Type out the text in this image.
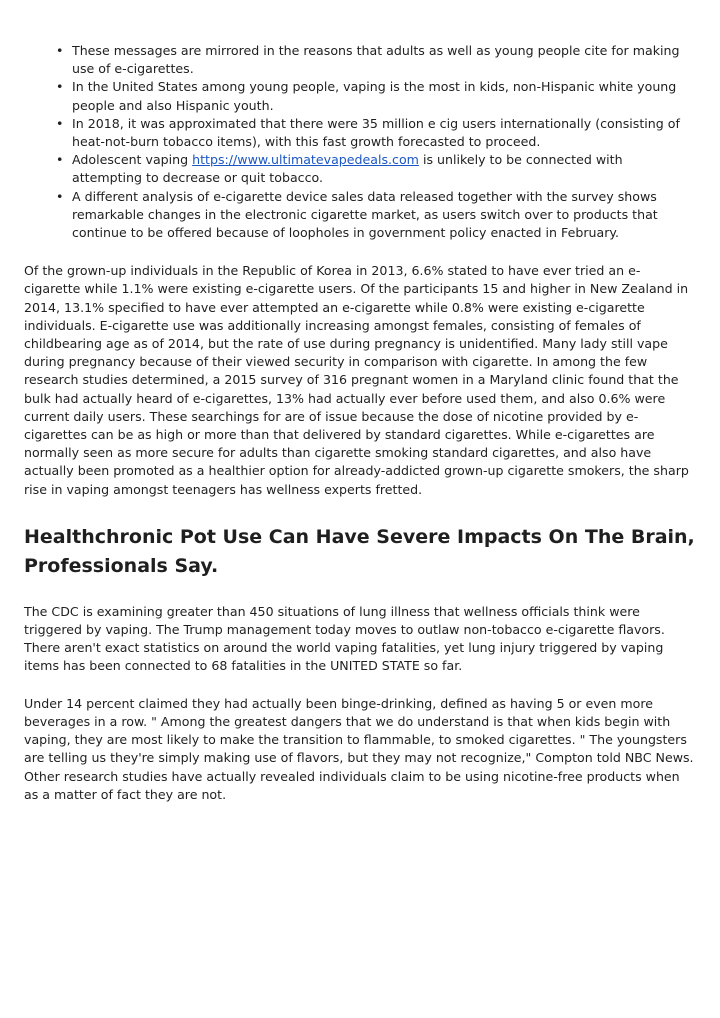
• These messages are mirrored in the reasons that adults as well as young people cite for making use of e-cigarettes.
• In the United States among young people, vaping is the most in kids, non-Hispanic white young people and also Hispanic youth.
• In 2018, it was approximated that there were 35 million e cig users internationally (consisting of heat-not-burn tobacco items), with this fast growth forecasted to proceed.
• Adolescent vaping https://www.ultimatevapedeals.com is unlikely to be connected with attempting to decrease or quit tobacco.
• A different analysis of e-cigarette device sales data released together with the survey shows remarkable changes in the electronic cigarette market, as users switch over to products that continue to be offered because of loopholes in government policy enacted in February.

Of the grown-up individuals in the Republic of Korea in 2013, 6.6% stated to have ever tried an e-cigarette while 1.1% were existing e-cigarette users. Of the participants 15 and higher in New Zealand in 2014, 13.1% specified to have ever attempted an e-cigarette while 0.8% were existing e-cigarette individuals. E-cigarette use was additionally increasing amongst females, consisting of females of childbearing age as of 2014, but the rate of use during pregnancy is unidentified. Many lady still vape during pregnancy because of their viewed security in comparison with cigarette. In among the few research studies determined, a 2015 survey of 316 pregnant women in a Maryland clinic found that the bulk had actually heard of e-cigarettes, 13% had actually ever before used them, and also 0.6% were current daily users. These searchings for are of issue because the dose of nicotine provided by e-cigarettes can be as high or more than that delivered by standard cigarettes. While e-cigarettes are normally seen as more secure for adults than cigarette smoking standard cigarettes, and also have actually been promoted as a healthier option for already-addicted grown-up cigarette smokers, the sharp rise in vaping amongst teenagers has wellness experts fretted.

Healthchronic Pot Use Can Have Severe Impacts On The Brain, Professionals Say.

The CDC is examining greater than 450 situations of lung illness that wellness officials think were triggered by vaping. The Trump management today moves to outlaw non-tobacco e-cigarette flavors. There aren't exact statistics on around the world vaping fatalities, yet lung injury triggered by vaping items has been connected to 68 fatalities in the UNITED STATE so far.

Under 14 percent claimed they had actually been binge-drinking, defined as having 5 or even more beverages in a row. " Among the greatest dangers that we do understand is that when kids begin with vaping, they are most likely to make the transition to flammable, to smoked cigarettes. " The youngsters are telling us they're simply making use of flavors, but they may not recognize," Compton told NBC News. Other research studies have actually revealed individuals claim to be using nicotine-free products when as a matter of fact they are not.
